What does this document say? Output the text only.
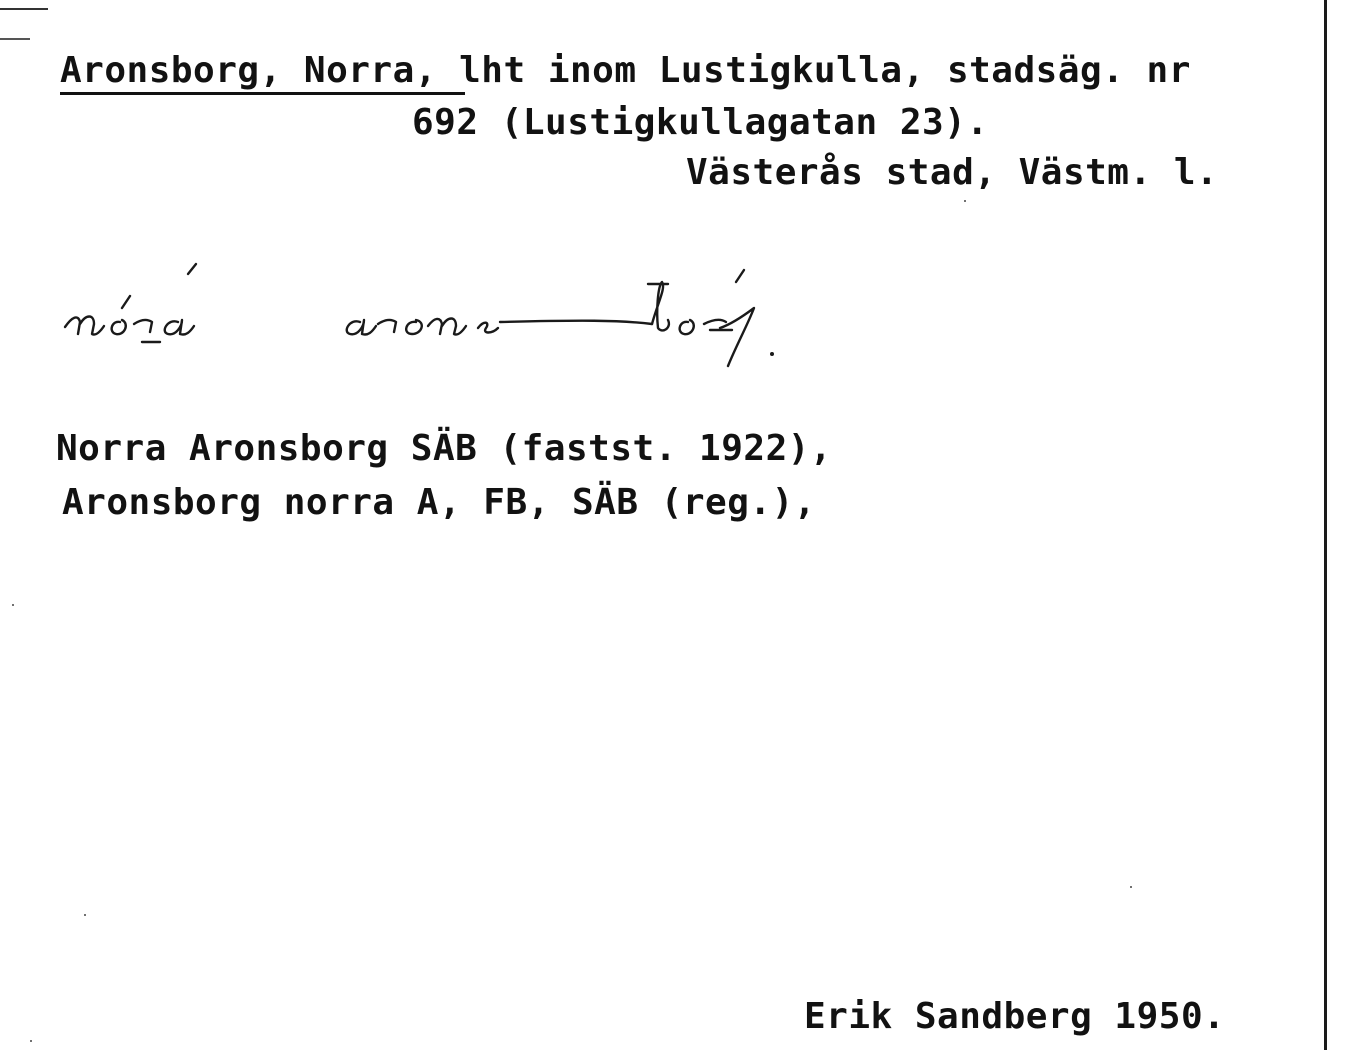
Aronsborg, Norra, lht inom Lustigkulla, stadsäg. nr
692 (Lustigkullagatan 23).
Västerås stad, Västm. l.
Norra Aronsborg SÄB (fastst. 1922),
Aronsborg norra A, FB, SÄB (reg.),
Erik Sandberg 1950.
